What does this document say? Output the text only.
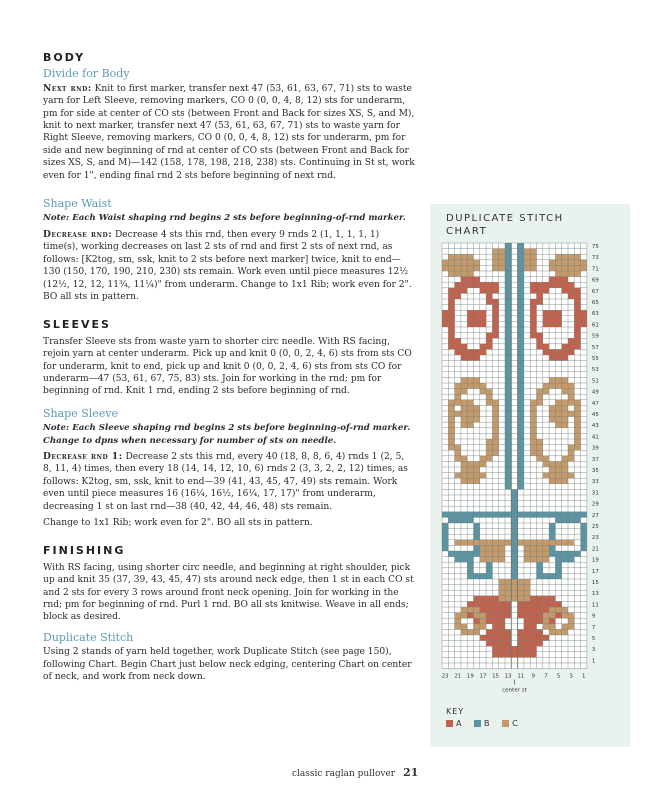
BODY
Divide for Body
Next rnd: Knit to first marker, transfer next 47 (53, 61, 63, 67, 71) sts to waste yarn for Left Sleeve, removing markers, CO 0 (0, 0, 4, 8, 12) sts for underarm, pm for side at center of CO sts (between Front and Back for sizes XS, S, and M), knit to next marker, transfer next 47 (53, 61, 63, 67, 71) sts to waste yarn for Right Sleeve, removing markers, CO 0 (0, 0, 4, 8, 12) sts for underarm, pm for side and new beginning of rnd at center of CO sts (between Front and Back for sizes XS, S, and M)—142 (158, 178, 198, 218, 238) sts. Continuing in St st, work even for 1", ending final rnd 2 sts before beginning of next rnd.
Shape Waist
Note: Each Waist shaping rnd begins 2 sts before beginning-of-rnd marker.
Decrease rnd: Decrease 4 sts this rnd, then every 9 rnds 2 (1, 1, 1, 1, 1) time(s), working decreases on last 2 sts of rnd and first 2 sts of next rnd, as follows: [K2tog, sm, ssk, knit to 2 sts before next marker] twice, knit to end—130 (150, 170, 190, 210, 230) sts remain. Work even until piece measures 12½ (12½, 12, 12, 11¾, 11¼)" from underarm. Change to 1x1 Rib; work even for 2". BO all sts in pattern.
SLEEVES
Transfer Sleeve sts from waste yarn to shorter circ needle. With RS facing, rejoin yarn at center underarm. Pick up and knit 0 (0, 0, 2, 4, 6) sts from sts CO for underarm, knit to end, pick up and knit 0 (0, 0, 2, 4, 6) sts from sts CO for underarm—47 (53, 61, 67, 75, 83) sts. Join for working in the rnd; pm for beginning of rnd. Knit 1 rnd, ending 2 sts before beginning of rnd.
Shape Sleeve
Note: Each Sleeve shaping rnd begins 2 sts before beginning-of-rnd marker. Change to dpns when necessary for number of sts on needle.
Decrease rnd 1: Decrease 2 sts this rnd, every 40 (18, 8, 8, 6, 4) rnds 1 (2, 5, 8, 11, 4) times, then every 18 (14, 14, 12, 10, 6) rnds 2 (3, 3, 2, 2, 12) times, as follows: K2tog, sm, ssk, knit to end—39 (41, 43, 45, 47, 49) sts remain. Work even until piece measures 16 (16¼, 16½, 16¼, 17, 17)" from underarm, decreasing 1 st on last rnd—38 (40, 42, 44, 46, 48) sts remain.
Change to 1x1 Rib; work even for 2". BO all sts in pattern.
FINISHING
With RS facing, using shorter circ needle, and beginning at right shoulder, pick up and knit 35 (37, 39, 43, 45, 47) sts around neck edge, then 1 st in each CO st and 2 sts for every 3 rows around front neck opening. Join for working in the rnd; pm for beginning of rnd. Purl 1 rnd. BO all sts knitwise. Weave in all ends; block as desired.
Duplicate Stitch
Using 2 stands of yarn held together, work Duplicate Stitch (see page 150), following Chart. Begin Chart just below neck edging, centering Chart on center of neck, and work from neck down.
classic raglan pullover 21
DUPLICATE STITCH
CHART
75
73
71
69
67
65
63
61
59
57
55
53
51
49
47
45
43
41
39
37
35
33
31
29
27
25
23
21
19
17
15
13
11
9
7
5
3
1
23 21 19 17 15 13 11 9 7 5 3 1
center st
KEY
A	B	C
